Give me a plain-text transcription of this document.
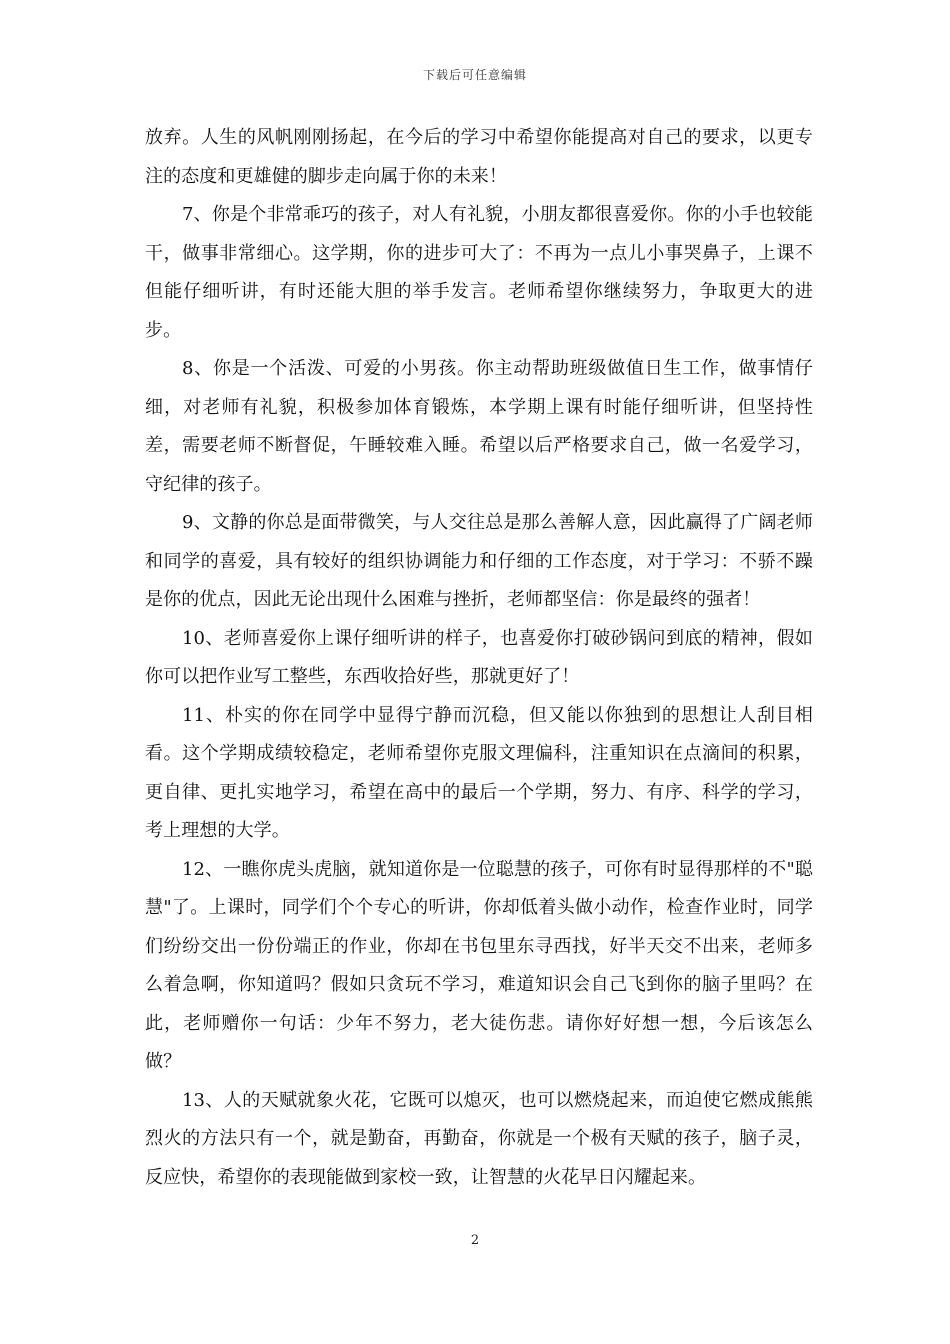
下载后可任意编辑

放弃。人生的风帆刚刚扬起，在今后的学习中希望你能提高对自己的要求，以更专注的态度和更雄健的脚步走向属于你的未来！

7、你是个非常乖巧的孩子，对人有礼貌，小朋友都很喜爱你。你的小手也较能干，做事非常细心。这学期，你的进步可大了：不再为一点儿小事哭鼻子，上课不但能仔细听讲，有时还能大胆的举手发言。老师希望你继续努力，争取更大的进步。

8、你是一个活泼、可爱的小男孩。你主动帮助班级做值日生工作，做事情仔细，对老师有礼貌，积极参加体育锻炼，本学期上课有时能仔细听讲，但坚持性差，需要老师不断督促，午睡较难入睡。希望以后严格要求自己，做一名爱学习，守纪律的孩子。

9、文静的你总是面带微笑，与人交往总是那么善解人意，因此赢得了广阔老师和同学的喜爱，具有较好的组织协调能力和仔细的工作态度，对于学习：不骄不躁是你的优点，因此无论出现什么困难与挫折，老师都坚信：你是最终的强者！

10、老师喜爱你上课仔细听讲的样子，也喜爱你打破砂锅问到底的精神，假如你可以把作业写工整些，东西收拾好些，那就更好了！

11、朴实的你在同学中显得宁静而沉稳，但又能以你独到的思想让人刮目相看。这个学期成绩较稳定，老师希望你克服文理偏科，注重知识在点滴间的积累，更自律、更扎实地学习，希望在高中的最后一个学期，努力、有序、科学的学习，考上理想的大学。

12、一瞧你虎头虎脑，就知道你是一位聪慧的孩子，可你有时显得那样的不"聪慧"了。上课时，同学们个个专心的听讲，你却低着头做小动作，检查作业时，同学们纷纷交出一份份端正的作业，你却在书包里东寻西找，好半天交不出来，老师多么着急啊，你知道吗？假如只贪玩不学习，难道知识会自己飞到你的脑子里吗？在此，老师赠你一句话：少年不努力，老大徒伤悲。请你好好想一想，今后该怎么做？

13、人的天赋就象火花，它既可以熄灭，也可以燃烧起来，而迫使它燃成熊熊烈火的方法只有一个，就是勤奋，再勤奋，你就是一个极有天赋的孩子，脑子灵，反应快，希望你的表现能做到家校一致，让智慧的火花早日闪耀起来。

2
